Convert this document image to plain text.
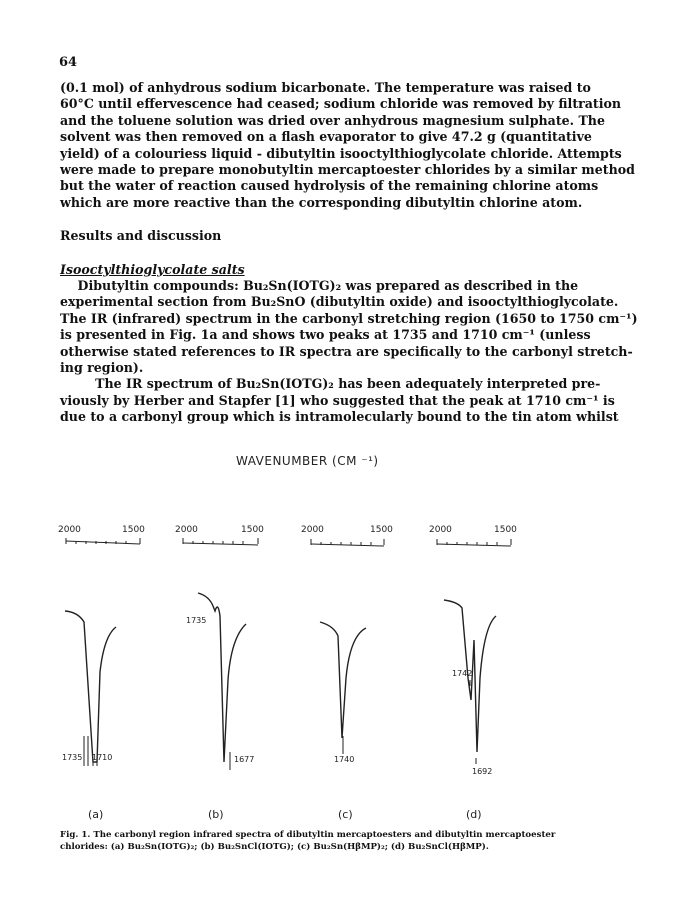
64
(0.1 mol) of anhydrous sodium bicarbonate. The temperature was raised to
60°C until effervescence had ceased; sodium chloride was removed by filtration
and the toluene solution was dried over anhydrous magnesium sulphate. The
solvent was then removed on a flash evaporator to give 47.2 g (quantitative
yield) of a colouriess liquid - dibutyltin isooctylthioglycolate chloride. Attempts
were made to prepare monobutyltin mercaptoester chlorides by a similar method
but the water of reaction caused hydrolysis of the remaining chlorine atoms
which are more reactive than the corresponding dibutyltin chlorine atom.
Results and discussion
Isooctylthioglycolate salts
Dibutyltin compounds: Bu₂Sn(IOTG)₂ was prepared as described in the
experimental section from Bu₂SnO (dibutyltin oxide) and isooctylthioglycolate.
The IR (infrared) spectrum in the carbonyl stretching region (1650 to 1750 cm⁻¹)
is presented in Fig. 1a and shows two peaks at 1735 and 1710 cm⁻¹ (unless
otherwise stated references to IR spectra are specifically to the carbonyl stretch-
ing region).
The IR spectrum of Bu₂Sn(IOTG)₂ has been adequately interpreted pre-
viously by Herber and Stapfer [1] who suggested that the peak at 1710 cm⁻¹ is
due to a carbonyl group which is intramolecularly bound to the tin atom whilst
WAVENUMBER (CM ⁻¹)
2000	1500
1735 1710
(a)
2000	1500
1735
1677
(b)
2000	1500
1740
(c)
2000	1500
1742
1692
(d)
Fig. 1. The carbonyl region infrared spectra of dibutyltin mercaptoesters and dibutyltin mercaptoester
chlorides: (a) Bu₂Sn(IOTG)₂; (b) Bu₂SnCl(IOTG); (c) Bu₂Sn(HβMP)₂; (d) Bu₂SnCl(HβMP).
